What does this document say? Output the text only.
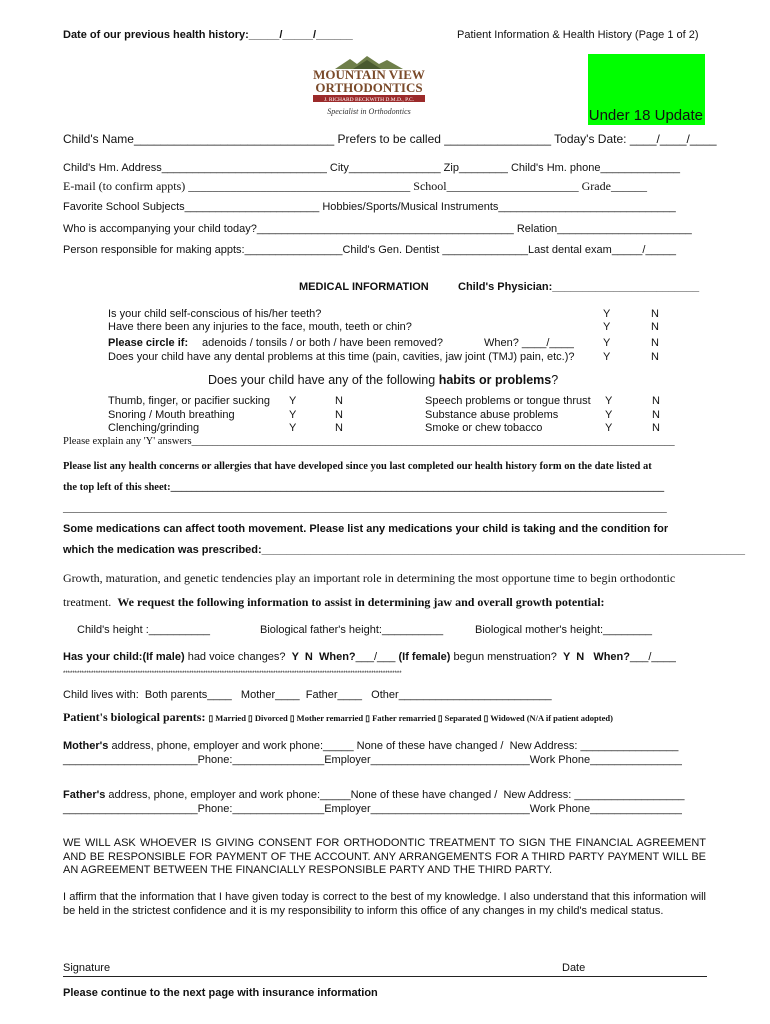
Date of our previous health history:_____/_____/______	Patient Information & Health History (Page 1 of 2)
MOUNTAIN VIEW
ORTHODONTICS
J. RICHARD BECKWITH D.M.D., P.C.
Specialist in Orthodontics	Under 18 Update
Child's Name______________________________ Prefers to be called ________________ Today's Date: ____/____/____
Child's Hm. Address___________________________ City_______________ Zip________ Child's Hm. phone_____________
E-mail (to confirm appts) _____________________________________ School______________________ Grade______
Favorite School Subjects______________________ Hobbies/Sports/Musical Instruments_____________________________
Who is accompanying your child today?__________________________________________ Relation______________________
Person responsible for making appts:________________Child's Gen. Dentist ______________Last dental exam_____/_____
MEDICAL INFORMATION	Child's Physician:________________________
Is your child self-conscious of his/her teeth?	Y	N
Have there been any injuries to the face, mouth, teeth or chin?	Y	N
Please circle if: adenoids / tonsils / or both / have been removed?	When? ____/____	Y	N
Does your child have any dental problems at this time (pain, cavities, jaw joint (TMJ) pain, etc.)?	Y	N
Does your child have any of the following habits or problems?
Thumb, finger, or pacifier sucking Y	N	Speech problems or tongue thrust Y	N
Snoring / Mouth breathing	Y	N	Substance abuse problems	Y	N
Clenching/grinding	Y	N	Smoke or chew tobacco	Y	N
Please explain any 'Y' answers____________________________________________________________________________________________
Please list any health concerns or allergies that have developed since you last completed our health history form on the date listed at
the top left of this sheet:______________________________________________________________________________________________
___________________________________________________________________________________________________________________
Some medications can affect tooth movement. Please list any medications your child is taking and the condition for
which the medication was prescribed:_______________________________________________________________________________
Growth, maturation, and genetic tendencies play an important role in determining the most opportune time to begin orthodontic
treatment.  We request the following information to assist in determining jaw and overall growth potential:
Child's height :__________	Biological father's height:__________	Biological mother's height:________
Has your child:(If male) had voice changes?  Y  N  When?___/___ (If female) begun menstruation?  Y  N   When?___/____
*************************************************************************************************************************************************
Child lives with:  Both parents____   Mother____  Father____   Other_________________________
Patient's biological parents: ▯ Married ▯ Divorced ▯ Mother remarried ▯ Father remarried ▯ Separated ▯ Widowed (N/A if patient adopted)
Mother's address, phone, employer and work phone:_____ None of these have changed /  New Address: ________________
______________________Phone:_______________Employer__________________________Work Phone_______________
Father's address, phone, employer and work phone:_____None of these have changed /  New Address: __________________
______________________Phone:_______________Employer__________________________Work Phone_______________
WE WILL ASK WHOEVER IS GIVING CONSENT FOR ORTHODONTIC TREATMENT TO SIGN THE FINANCIAL AGREEMENT AND BE RESPONSIBLE FOR PAYMENT OF THE ACCOUNT. ANY ARRANGEMENTS FOR A THIRD PARTY PAYMENT WILL BE AN AGREEMENT BETWEEN THE FINANCIALLY RESPONSIBLE PARTY AND THE THIRD PARTY.
I affirm that the information that I have given today is correct to the best of my knowledge. I also understand that this information will be held in the strictest confidence and it is my responsibility to inform this office of any changes in my child's medical status.
Signature	Date
Please continue to the next page with insurance information
